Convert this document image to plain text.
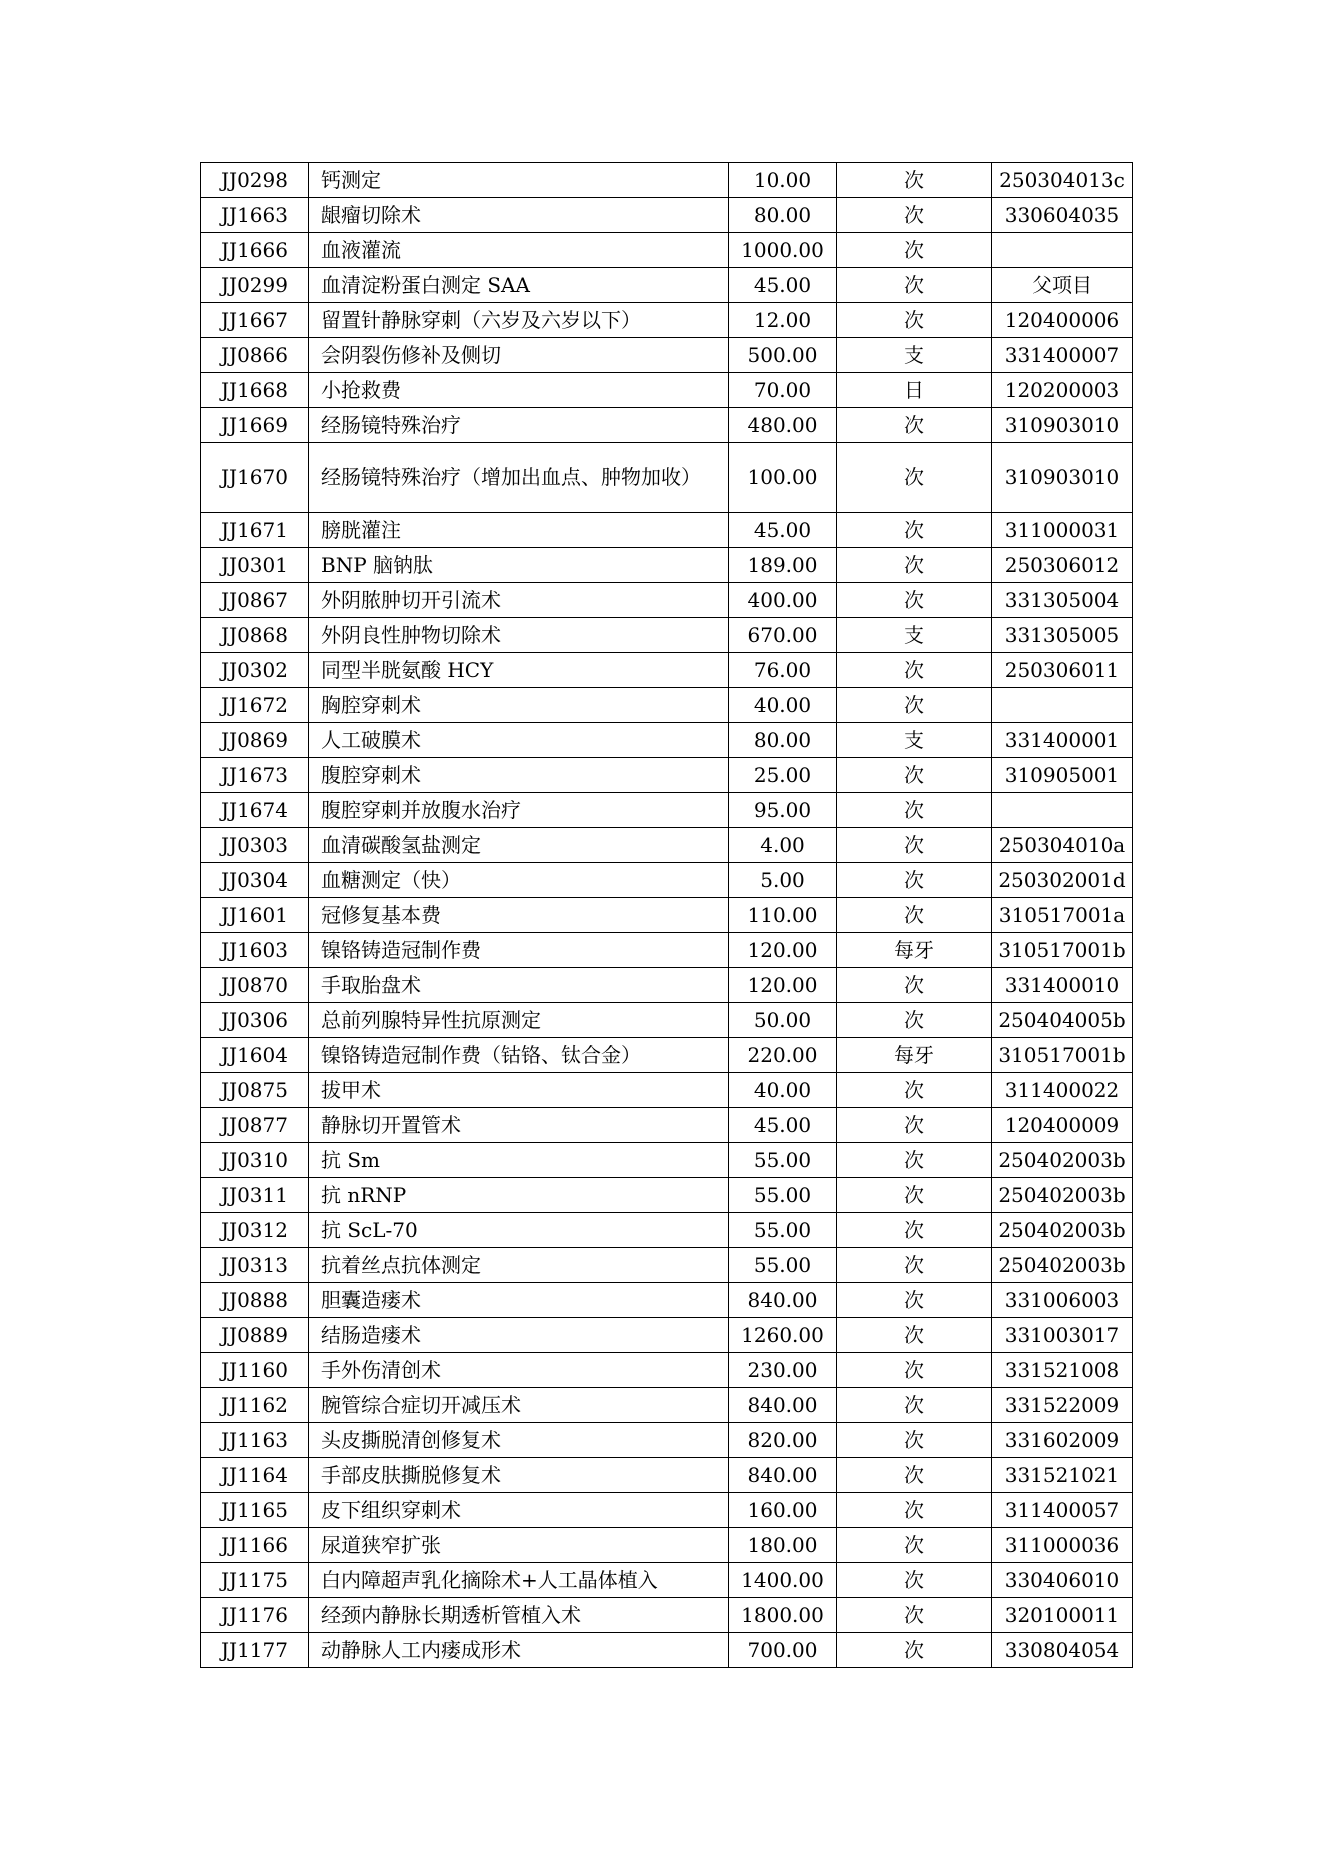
JJ0298	钙测定	10.00	次	250304013c
JJ1663	龈瘤切除术	80.00	次	330604035
JJ1666	血液灌流	1000.00	次	
JJ0299	血清淀粉蛋白测定 SAA	45.00	次	父项目
JJ1667	留置针静脉穿刺（六岁及六岁以下）	12.00	次	120400006
JJ0866	会阴裂伤修补及侧切	500.00	支	331400007
JJ1668	小抢救费	70.00	日	120200003
JJ1669	经肠镜特殊治疗	480.00	次	310903010
JJ1670	经肠镜特殊治疗（增加出血点、肿物加收）	100.00	次	310903010
JJ1671	膀胱灌注	45.00	次	311000031
JJ0301	BNP 脑钠肽	189.00	次	250306012
JJ0867	外阴脓肿切开引流术	400.00	次	331305004
JJ0868	外阴良性肿物切除术	670.00	支	331305005
JJ0302	同型半胱氨酸 HCY	76.00	次	250306011
JJ1672	胸腔穿刺术	40.00	次	
JJ0869	人工破膜术	80.00	支	331400001
JJ1673	腹腔穿刺术	25.00	次	310905001
JJ1674	腹腔穿刺并放腹水治疗	95.00	次	
JJ0303	血清碳酸氢盐测定	4.00	次	250304010a
JJ0304	血糖测定（快）	5.00	次	250302001d
JJ1601	冠修复基本费	110.00	次	310517001a
JJ1603	镍铬铸造冠制作费	120.00	每牙	310517001b
JJ0870	手取胎盘术	120.00	次	331400010
JJ0306	总前列腺特异性抗原测定	50.00	次	250404005b
JJ1604	镍铬铸造冠制作费（钴铬、钛合金）	220.00	每牙	310517001b
JJ0875	拔甲术	40.00	次	311400022
JJ0877	静脉切开置管术	45.00	次	120400009
JJ0310	抗 Sm	55.00	次	250402003b
JJ0311	抗 nRNP	55.00	次	250402003b
JJ0312	抗 ScL-70	55.00	次	250402003b
JJ0313	抗着丝点抗体测定	55.00	次	250402003b
JJ0888	胆囊造瘘术	840.00	次	331006003
JJ0889	结肠造瘘术	1260.00	次	331003017
JJ1160	手外伤清创术	230.00	次	331521008
JJ1162	腕管综合症切开减压术	840.00	次	331522009
JJ1163	头皮撕脱清创修复术	820.00	次	331602009
JJ1164	手部皮肤撕脱修复术	840.00	次	331521021
JJ1165	皮下组织穿刺术	160.00	次	311400057
JJ1166	尿道狭窄扩张	180.00	次	311000036
JJ1175	白内障超声乳化摘除术+人工晶体植入	1400.00	次	330406010
JJ1176	经颈内静脉长期透析管植入术	1800.00	次	320100011
JJ1177	动静脉人工内瘘成形术	700.00	次	330804054
